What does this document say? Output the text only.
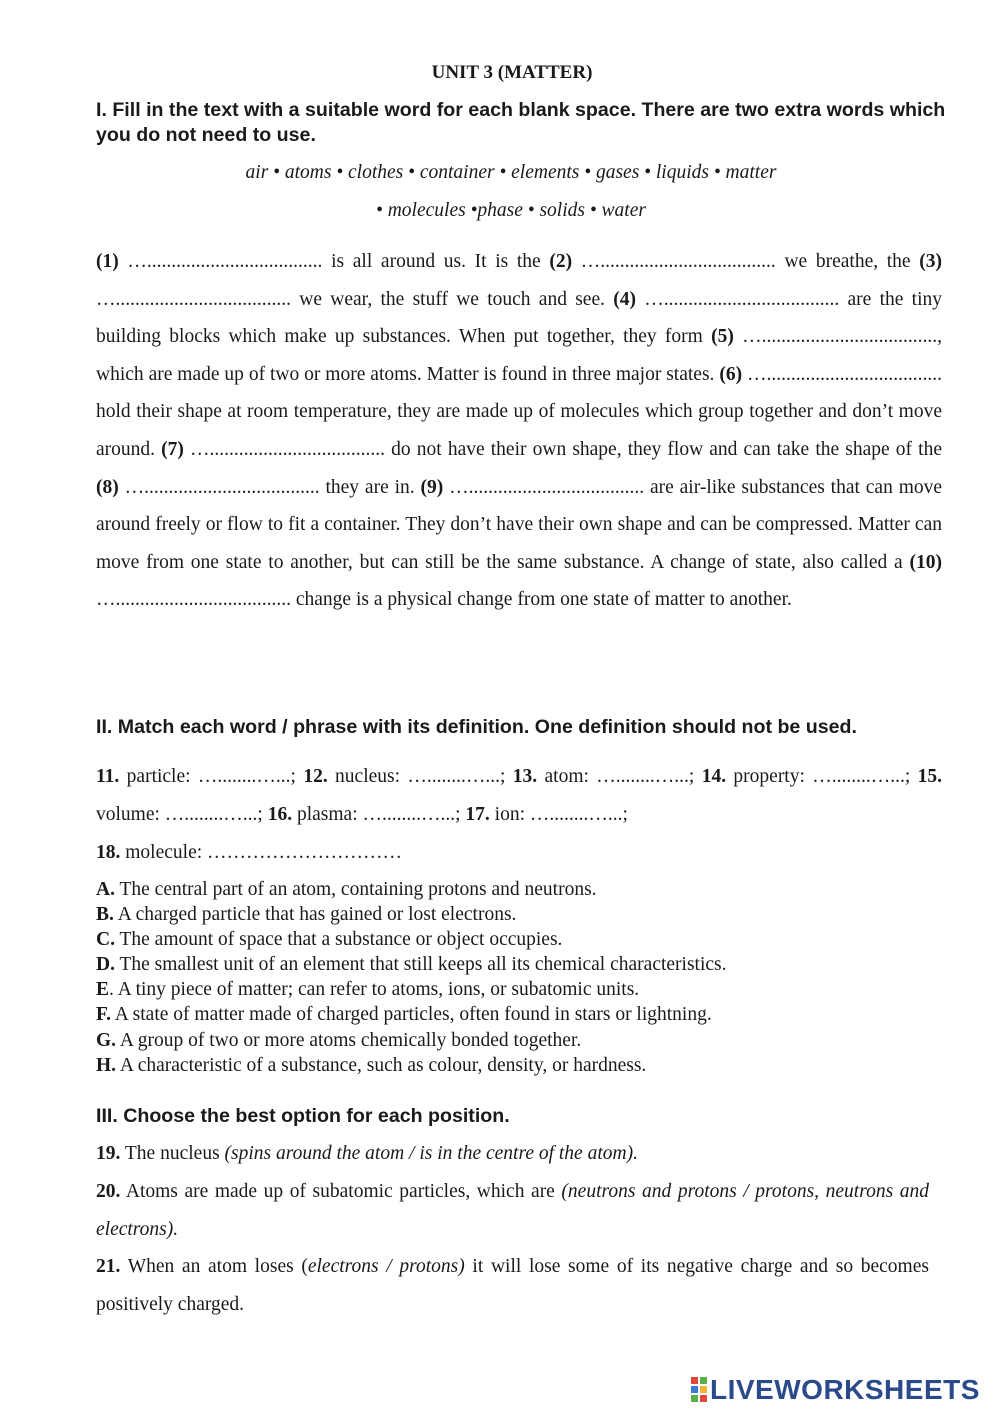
UNIT 3 (MATTER)
I. Fill in the text with a suitable word for each blank space. There are two extra words which you do not need to use.
air • atoms • clothes • container • elements • gases • liquids • matter
• molecules •phase • solids • water
(1) ….................................... is all around us. It is the (2) ….................................... we breathe, the (3) ….................................... we wear, the stuff we touch and see. (4) ….................................... are the tiny building blocks which make up substances. When put together, they form (5) …...................................., which are made up of two or more atoms. Matter is found in three major states. (6) ….................................... hold their shape at room temperature, they are made up of molecules which group together and don’t move around. (7) ….................................... do not have their own shape, they flow and can take the shape of the (8) ….................................... they are in. (9) ….................................... are air-like substances that can move around freely or flow to fit a container. They don’t have their own shape and can be compressed. Matter can move from one state to another, but can still be the same substance. A change of state, also called a (10) ….................................... change is a physical change from one state of matter to another.
II. Match each word / phrase with its definition. One definition should not be used.
11. particle: …........…...; 12. nucleus: …........…...; 13. atom: …........…...; 14. property: …........…...; 15. volume: …........…...; 16. plasma: …........…...; 17. ion: …........…...;
18. molecule: …………………………
A. The central part of an atom, containing protons and neutrons.
B. A charged particle that has gained or lost electrons.
C. The amount of space that a substance or object occupies.
D. The smallest unit of an element that still keeps all its chemical characteristics.
E. A tiny piece of matter; can refer to atoms, ions, or subatomic units.
F. A state of matter made of charged particles, often found in stars or lightning.
G. A group of two or more atoms chemically bonded together.
H. A characteristic of a substance, such as colour, density, or hardness.
III. Choose the best option for each position.
19. The nucleus (spins around the atom / is in the centre of the atom).
20. Atoms are made up of subatomic particles, which are (neutrons and protons / protons, neutrons and electrons).
21. When an atom loses (electrons / protons) it will lose some of its negative charge and so becomes positively charged.
LIVEWORKSHEETS
